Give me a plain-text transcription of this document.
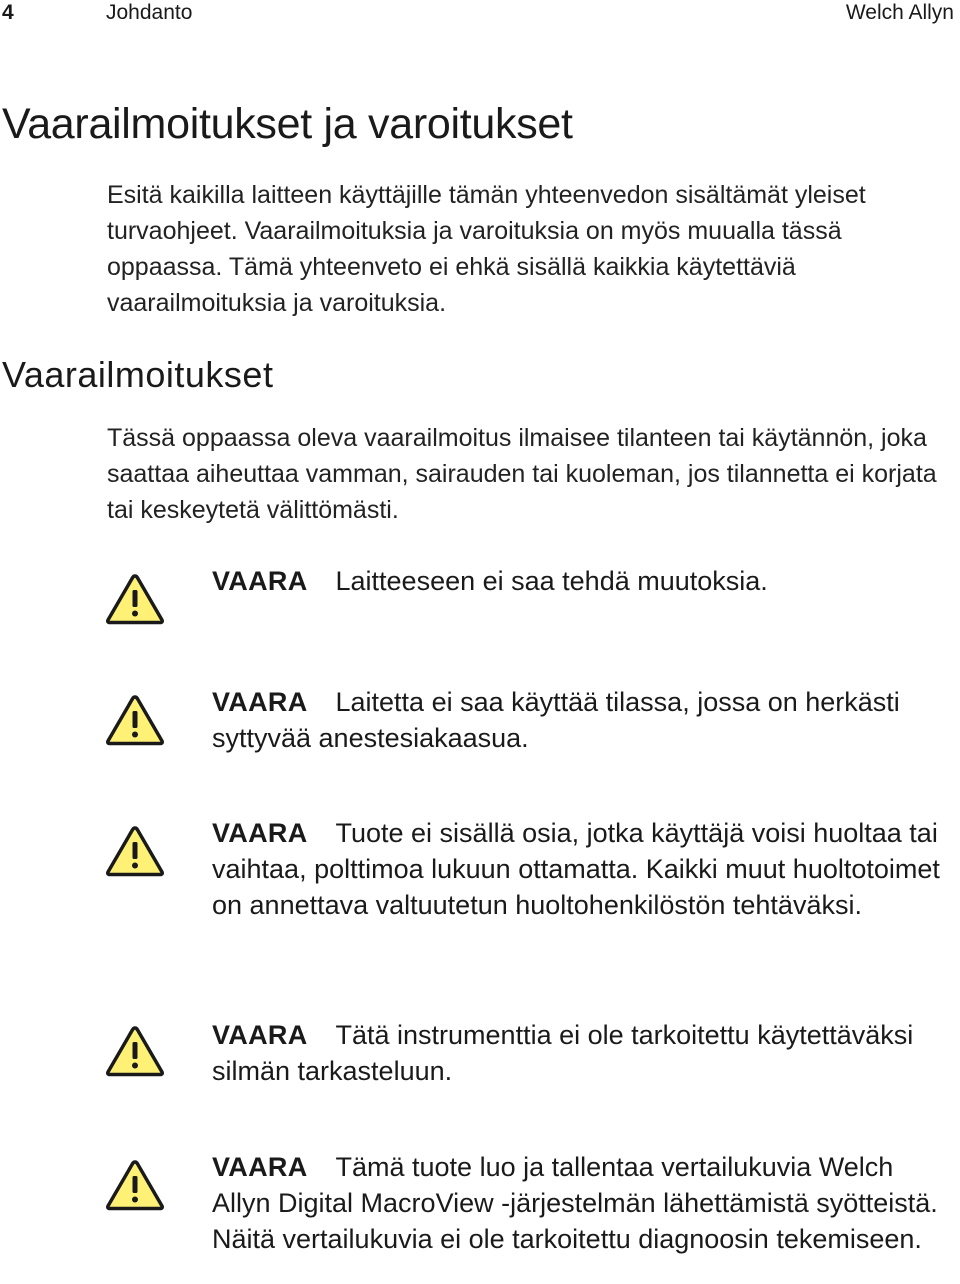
4	Johdanto	Welch Allyn
Vaarailmoitukset ja varoitukset

Esitä kaikilla laitteen käyttäjille tämän yhteenvedon sisältämät yleiset turvaohjeet. Vaarailmoituksia ja varoituksia on myös muualla tässä oppaassa. Tämä yhteenveto ei ehkä sisällä kaikkia käytettäviä vaarailmoituksia ja varoituksia.

Vaarailmoitukset

Tässä oppaassa oleva vaarailmoitus ilmaisee tilanteen tai käytännön, joka saattaa aiheuttaa vamman, sairauden tai kuoleman, jos tilannetta ei korjata tai keskeytetä välittömästi.

VAARA Laitteeseen ei saa tehdä muutoksia.

VAARA Laitetta ei saa käyttää tilassa, jossa on herkästi syttyvää anestesiakaasua.

VAARA Tuote ei sisällä osia, jotka käyttäjä voisi huoltaa tai vaihtaa, polttimoa lukuun ottamatta. Kaikki muut huoltotoimet on annettava valtuutetun huoltohenkilöstön tehtäväksi.

VAARA Tätä instrumenttia ei ole tarkoitettu käytettäväksi silmän tarkasteluun.

VAARA Tämä tuote luo ja tallentaa vertailukuvia Welch Allyn Digital MacroView -järjestelmän lähettämistä syötteistä. Näitä vertailukuvia ei ole tarkoitettu diagnoosin tekemiseen.
